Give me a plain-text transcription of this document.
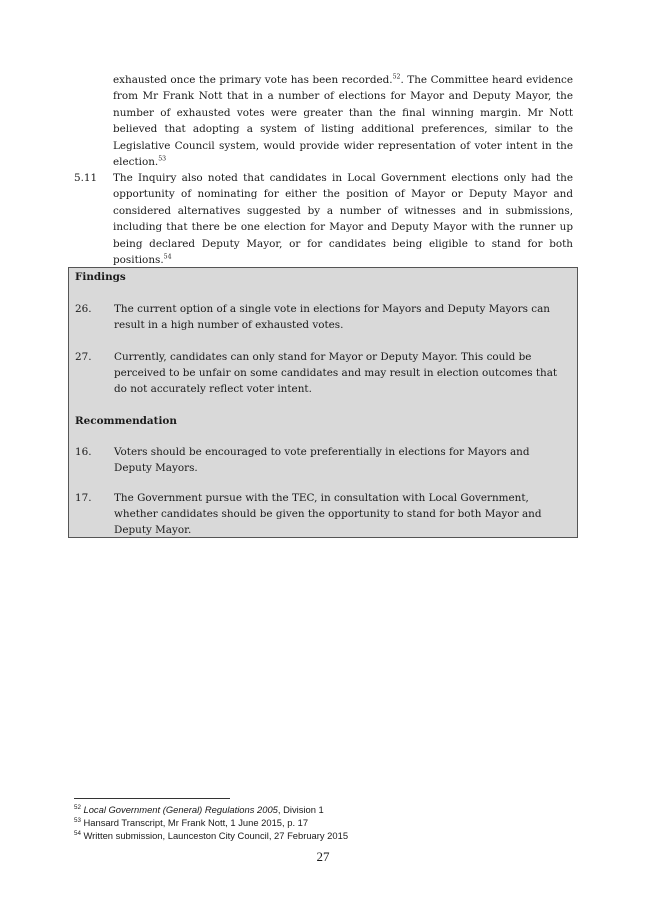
exhausted once the primary vote has been recorded.$^{52}$. The Committee heard evidence from Mr Frank Nott that in a number of elections for Mayor and Deputy Mayor, the number of exhausted votes were greater than the final winning margin. Mr Nott believed that adopting a system of listing additional preferences, similar to the Legislative Council system, would provide wider representation of voter intent in the election.$^{53}$
5.11 The Inquiry also noted that candidates in Local Government elections only had the opportunity of nominating for either the position of Mayor or Deputy Mayor and considered alternatives suggested by a number of witnesses and in submissions, including that there be one election for Mayor and Deputy Mayor with the runner up being declared Deputy Mayor, or for candidates being eligible to stand for both positions.$^{54}$
Findings
26. The current option of a single vote in elections for Mayors and Deputy Mayors can result in a high number of exhausted votes.
27. Currently, candidates can only stand for Mayor or Deputy Mayor. This could be perceived to be unfair on some candidates and may result in election outcomes that do not accurately reflect voter intent.
Recommendation
16. Voters should be encouraged to vote preferentially in elections for Mayors and Deputy Mayors.
17. The Government pursue with the TEC, in consultation with Local Government, whether candidates should be given the opportunity to stand for both Mayor and Deputy Mayor.
$^{52}$ Local Government (General) Regulations 2005, Division 1
$^{53}$ Hansard Transcript, Mr Frank Nott, 1 June 2015, p. 17
$^{54}$ Written submission, Launceston City Council, 27 February 2015
27
